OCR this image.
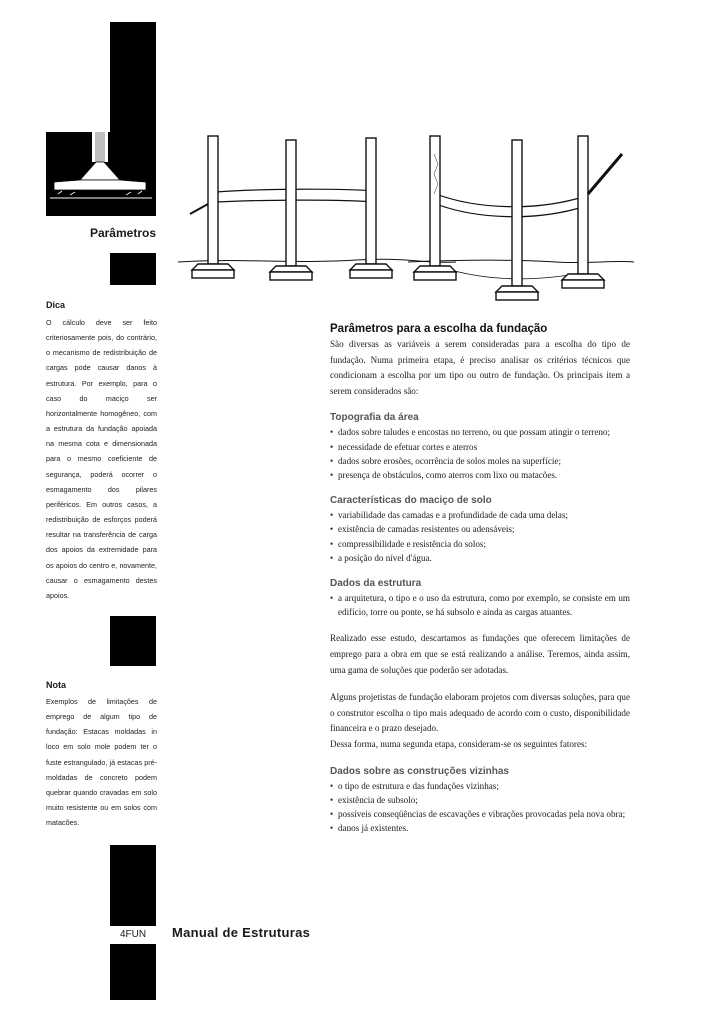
Parâmetros
Dica
O cálculo deve ser feito criteriosamente pois, do contrário, o mecanismo de redistribuição de cargas pode causar danos à estrutura. Por exemplo, para o caso do maciço ser horizontalmente homogêneo, com a estrutura da fundação apoiada na mesma cota e dimensionada para o mesmo coeficiente de segurança, poderá ocorrer o esmagamento dos pilares periféricos. Em outros casos, a redistribuição de esforços poderá resultar na transferência de carga dos apoios da extremidade para os apoios do centro e, novamente, causar o esmagamento destes apoios.
Nota
Exemplos de limitações de emprego de algum tipo de fundação: Estacas moldadas in loco em solo mole podem ter o fuste estrangulado, já estacas pré-moldadas de concreto podem quebrar quando cravadas em solo muito resistente ou em solos com matacões.
4FUN	Manual de Estruturas
Parâmetros para a escolha da fundação

São diversas as variáveis a serem consideradas para a escolha do tipo de fundação. Numa primeira etapa, é preciso analisar os critérios técnicos que condicionam a escolha por um tipo ou outro de fundação. Os principais item a serem considerados são:

Topografia da área
• dados sobre taludes e encostas no terreno, ou que possam atingir o terreno;
• necessidade de efetuar cortes e aterros
• dados sobre erosões, ocorrência de solos moles na superfície;
• presença de obstáculos, como aterros com lixo ou matacões.
Características do maciço de solo
• variabilidade das camadas e a profundidade de cada uma delas;
• existência de camadas resistentes ou adensáveis;
• compressibilidade e resistência do solos;
• a posição do nível d'água.
Dados da estrutura
• a arquitetura, o tipo e o uso da estrutura, como por exemplo, se consiste em um edifício, torre ou ponte, se há subsolo e ainda as cargas atuantes.

Realizado esse estudo, descartamos as fundações que oferecem limitações de emprego para a obra em que se está realizando a análise. Teremos, ainda assim, uma gama de soluções que poderão ser adotadas.

Alguns projetistas de fundação elaboram projetos com diversas soluções, para que o construtor escolha o tipo mais adequado de acordo com o custo, disponibilidade financeira e o prazo desejado.

Dessa forma, numa segunda etapa, consideram-se os seguintes fatores:

Dados sobre as construções vizinhas
• o tipo de estrutura e das fundações vizinhas;
• existência de subsolo;
• possíveis conseqüências de escavações e vibrações provocadas pela nova obra;
• danos já existentes.
